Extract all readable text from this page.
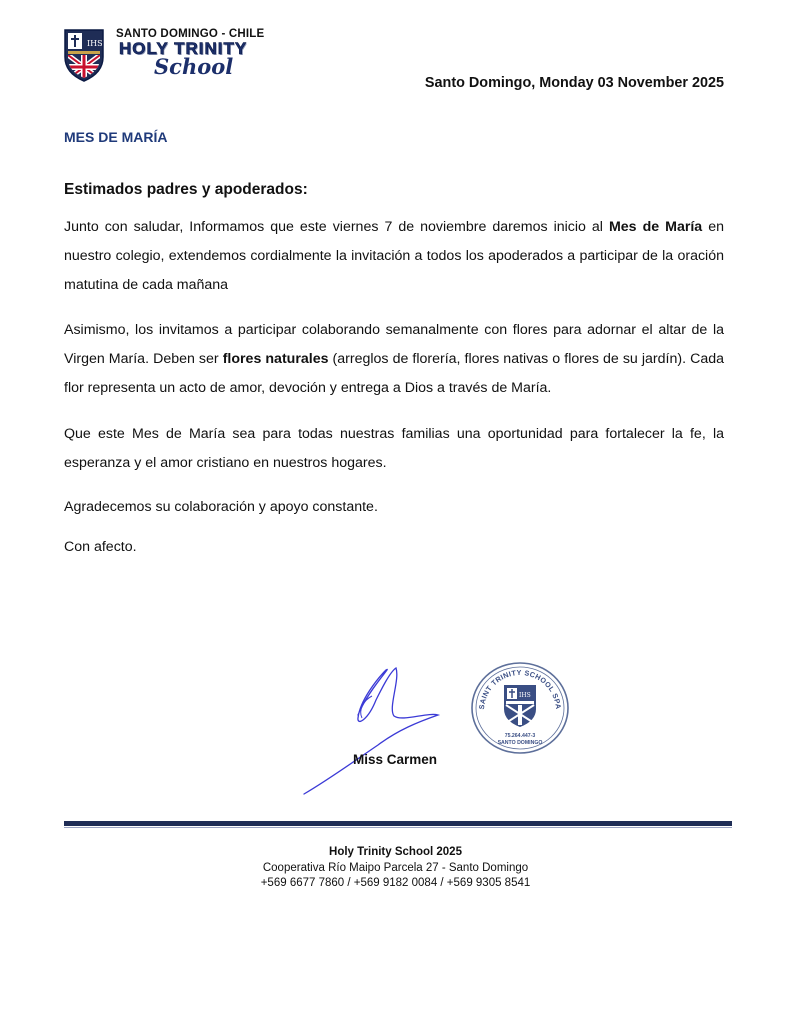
IHS
SANTO DOMINGO - CHILE
HOLY TRINITY
School
Santo Domingo, Monday 03 November 2025
MES DE MARÍA
Estimados padres y apoderados:
Junto con saludar, Informamos que este viernes 7 de noviembre daremos inicio al Mes de María en
nuestro colegio, extendemos cordialmente la invitación a todos los apoderados a participar de la oración
matutina de cada mañana
Asimismo, los invitamos a participar colaborando semanalmente con flores para adornar el altar de la
Virgen María. Deben ser flores naturales (arreglos de florería, flores nativas o flores de su jardín). Cada
flor representa un acto de amor, devoción y entrega a Dios a través de María.
Que este Mes de María sea para todas nuestras familias una oportunidad para fortalecer la fe, la
esperanza y el amor cristiano en nuestros hogares.
Agradecemos su colaboración y apoyo constante.
Con afecto.
Miss Carmen
SAINT TRINITY SCHOOL SPA
IHS
75.264.447-3
SANTO DOMINGO
Holy Trinity School 2025
Cooperativa Río Maipo Parcela 27 - Santo Domingo
+569 6677 7860 / +569 9182 0084 / +569 9305 8541
